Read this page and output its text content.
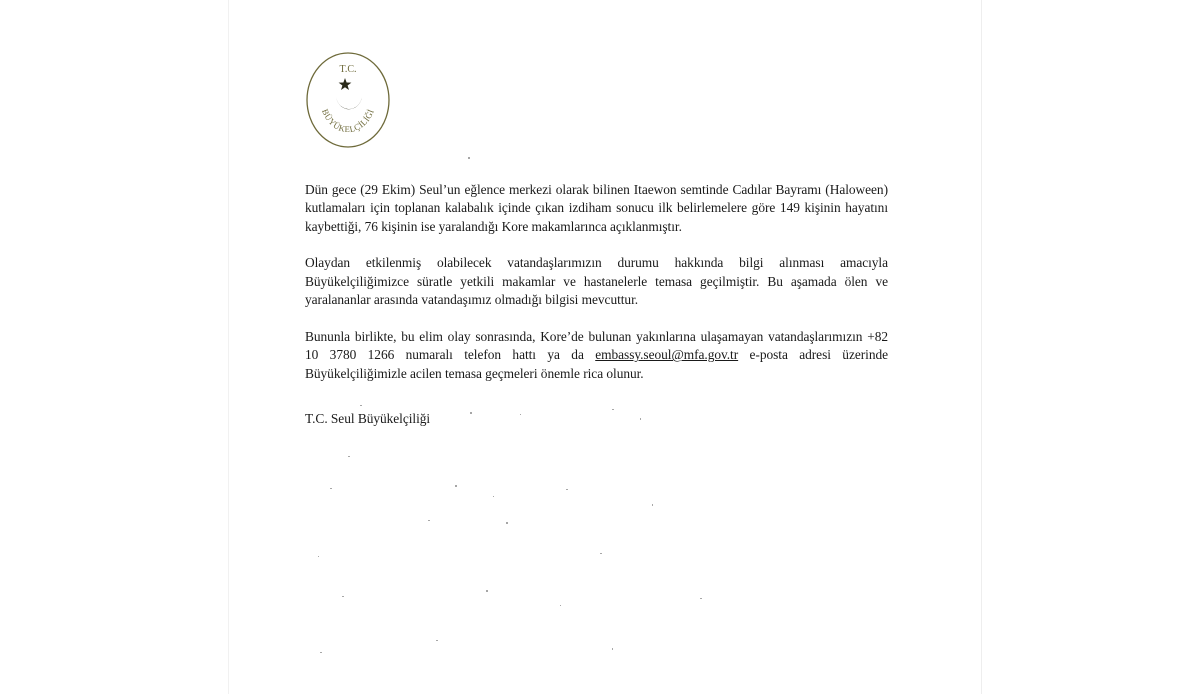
T.C.
BÜYÜKELÇİLİĞİ

Dün gece (29 Ekim) Seul’un eğlence merkezi olarak bilinen Itaewon semtinde Cadılar Bayramı (Haloween) kutlamaları için toplanan kalabalık içinde çıkan izdiham sonucu ilk belirlemelere göre 149 kişinin hayatını kaybettiği, 76 kişinin ise yaralandığı Kore makamlarınca açıklanmıştır.

Olaydan etkilenmiş olabilecek vatandaşlarımızın durumu hakkında bilgi alınması amacıyla Büyükelçiliğimizce süratle yetkili makamlar ve hastanelerle temasa geçilmiştir. Bu aşamada ölen ve yaralananlar arasında vatandaşımız olmadığı bilgisi mevcuttur.

Bununla birlikte, bu elim olay sonrasında, Kore’de bulunan yakınlarına ulaşamayan vatandaşlarımızın +82 10 3780 1266 numaralı telefon hattı ya da embassy.seoul@mfa.gov.tr e-posta adresi üzerinde Büyükelçiliğimizle acilen temasa geçmeleri önemle rica olunur.

T.C. Seul Büyükelçiliği
